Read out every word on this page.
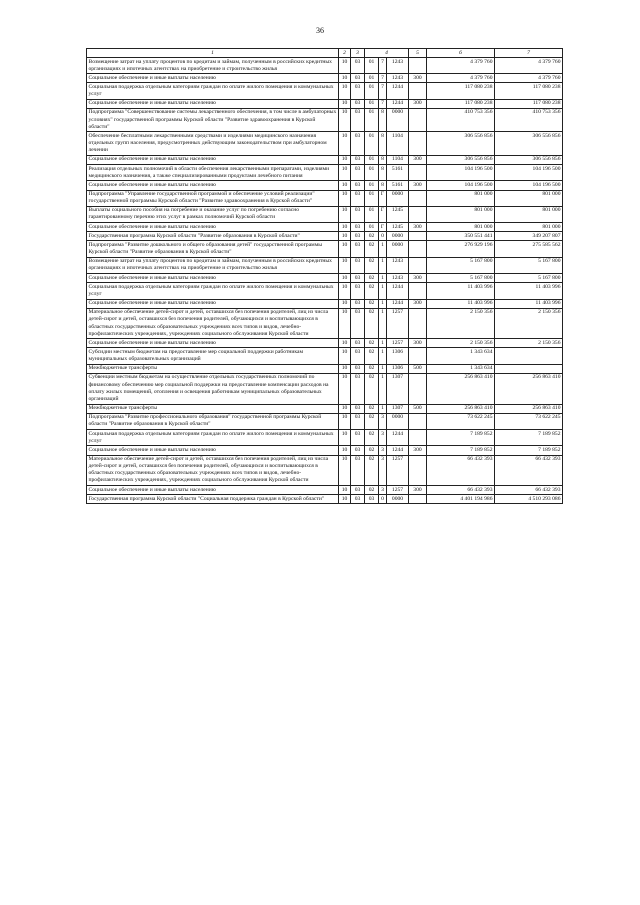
36
1	2	3	4			5	6	7
Возмещение затрат на уплату процентов по кредитам и займам, полученным в российских кредитных организациях и ипотечных агентствах на приобретение и строительство жилья	10	03	01	7	1243		4 379 760	4 379 760
Социальное обеспечение и иные выплаты населению	10	03	01	7	1243	300	4 379 760	4 379 760
Социальная поддержка отдельным категориям граждан по оплате жилого помещения и коммунальных услуг	10	03	01	7	1244		117 080 238	117 080 238
Социальное обеспечение и иные выплаты населению	10	03	01	7	1244	300	117 080 238	117 080 238
Подпрограмма "Совершенствование системы лекарственного обеспечения, в том числе в амбулаторных условиях" государственной программы Курской области "Развитие здравоохранения в Курской области"	10	03	01	8	0000		410 753 356	410 753 356
Обеспечение бесплатными лекарственными средствами и изделиями медицинского назначения отдельных групп населения, предусмотренных действующим законодательством при амбулаторном лечении	10	03	01	8	1104		306 556 856	306 556 856
Социальное обеспечение и иные выплаты населению	10	03	01	8	1104	300	306 556 856	306 556 856
Реализация отдельных полномочий в области обеспечения лекарственными препаратами, изделиями медицинского назначения, а также специализированными продуктами лечебного питания	10	03	01	8	5161		104 196 500	104 196 500
Социальное обеспечение и иные выплаты населению	10	03	01	8	5161	300	104 196 500	104 196 500
Подпрограмма "Управление государственной программой и обеспечение условий реализации" государственной программы Курской области "Развитие здравоохранения в Курской области"	10	03	01	Г	0000		801 000	801 000
Выплаты социального пособия на погребение и оказание услуг по погребению согласно гарантированному перечню этих услуг в рамках полномочий Курской области	10	03	01	Г	1245		801 000	801 000
Социальное обеспечение и иные выплаты населению	10	03	01	Г	1245	300	801 000	801 000
Государственная программа Курской области "Развитие образования в Курской области"	10	03	02	0	0000		350 551 441	349 207 807
Подпрограмма "Развитие дошкольного и общего образования детей" государственной программы Курской области "Развитие образования в Курской области"	10	03	02	1	0000		276 929 196	275 585 562
Возмещение затрат на уплату процентов по кредитам и займам, полученным в российских кредитных организациях и ипотечных агентствах на приобретение и строительство жилья	10	03	02	1	1243		5 167 800	5 167 800
Социальное обеспечение и иные выплаты населению	10	03	02	1	1243	300	5 167 800	5 167 800
Социальная поддержка отдельным категориям граждан по оплате жилого помещения и коммунальных услуг	10	03	02	1	1244		11 403 996	11 403 996
Социальное обеспечение и иные выплаты населению	10	03	02	1	1244	300	11 403 996	11 403 996
Материальное обеспечение детей-сирот и детей, оставшихся без попечения родителей, лиц из числа детей-сирот и детей, оставшихся без попечения родителей, обучающихся и воспитывающихся в областных государственных образовательных учреждениях всех типов и видов, лечебно-профилактических учреждениях, учреждениях социального обслуживания Курской области	10	03	02	1	1257		2 150 356	2 150 356
Социальное обеспечение и иные выплаты населению	10	03	02	1	1257	300	2 150 356	2 150 356
Субсидии местным бюджетам на предоставление мер социальной поддержки работникам муниципальных образовательных организаций	10	03	02	1	1306		1 343 634	
Межбюджетные трансферты	10	03	02	1	1306	500	1 343 634	
Субвенции местным бюджетам на осуществление отдельных государственных полномочий по финансовому обеспечению мер социальной поддержки на предоставление компенсации расходов на оплату жилых помещений, отопления и освещения работникам муниципальных образовательных организаций	10	03	02	1	1307		256 863 410	256 863 410
Межбюджетные трансферты	10	03	02	1	1307	500	256 863 410	256 863 410
Подпрограмма "Развитие профессионального образования" государственной программы Курской области "Развитие образования в Курской области"	10	03	02	3	0000		73 622 245	73 622 245
Социальная поддержка отдельным категориям граждан по оплате жилого помещения и коммунальных услуг	10	03	02	3	1244		7 189 852	7 189 852
Социальное обеспечение и иные выплаты населению	10	03	02	3	1244	300	7 189 852	7 189 852
Материальное обеспечение детей-сирот и детей, оставшихся без попечения родителей, лиц из числа детей-сирот и детей, оставшихся без попечения родителей, обучающихся и воспитывающихся в областных государственных образовательных учреждениях всех типов и видов, лечебно-профилактических учреждениях, учреждениях социального обслуживания Курской области	10	03	02	3	1257		66 432 393	66 432 393
Социальное обеспечение и иные выплаты населению	10	03	02	3	1257	300	66 432 393	66 432 393
Государственная программа Курской области "Социальная поддержка граждан в Курской области"	10	03	03	0	0000		4 401 194 986	4 510 293 086
